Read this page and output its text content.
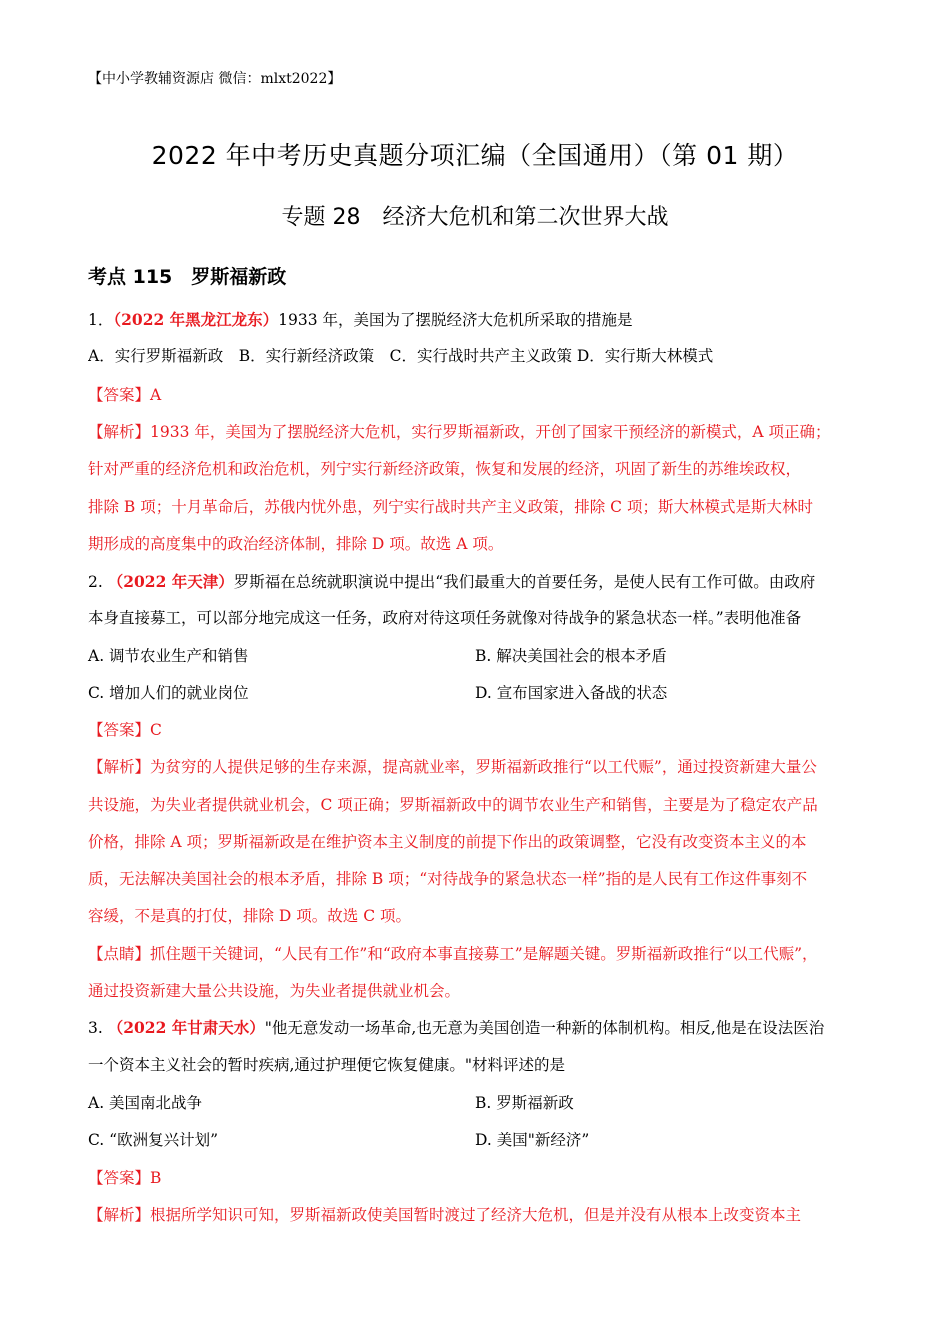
【中小学教辅资源店 微信：mlxt2022】
2022 年中考历史真题分项汇编（全国通用）（第 01 期）
专题 28　经济大危机和第二次世界大战
考点 115　罗斯福新政
1．（2022 年黑龙江龙东）1933 年，美国为了摆脱经济大危机所采取的措施是
A．实行罗斯福新政　B．实行新经济政策　C．实行战时共产主义政策 D．实行斯大林模式
【答案】A
【解析】1933 年，美国为了摆脱经济大危机，实行罗斯福新政，开创了国家干预经济的新模式，A 项正确；
针对严重的经济危机和政治危机，列宁实行新经济政策，恢复和发展的经济，巩固了新生的苏维埃政权，
排除 B 项；十月革命后，苏俄内忧外患，列宁实行战时共产主义政策，排除 C 项；斯大林模式是斯大林时
期形成的高度集中的政治经济体制，排除 D 项。故选 A 项。
2. （2022 年天津）罗斯福在总统就职演说中提出“我们最重大的首要任务，是使人民有工作可做。由政府
本身直接募工，可以部分地完成这一任务，政府对待这项任务就像对待战争的紧急状态一样。”表明他准备
A. 调节农业生产和销售	B. 解决美国社会的根本矛盾
C. 增加人们的就业岗位	D. 宣布国家进入备战的状态
【答案】C
【解析】为贫穷的人提供足够的生存来源，提高就业率，罗斯福新政推行“以工代赈”，通过投资新建大量公
共设施，为失业者提供就业机会，C 项正确；罗斯福新政中的调节农业生产和销售，主要是为了稳定农产品
价格，排除 A 项；罗斯福新政是在维护资本主义制度的前提下作出的政策调整，它没有改变资本主义的本
质，无法解决美国社会的根本矛盾，排除 B 项；“对待战争的紧急状态一样”指的是人民有工作这件事刻不
容缓，不是真的打仗，排除 D 项。故选 C 项。
【点睛】抓住题干关键词，“人民有工作”和“政府本事直接募工”是解题关键。罗斯福新政推行“以工代赈”，
通过投资新建大量公共设施，为失业者提供就业机会。
3. （2022 年甘肃天水）"他无意发动一场革命,也无意为美国创造一种新的体制机构。相反,他是在设法医治
一个资本主义社会的暂时疾病,通过护理便它恢复健康。"材料评述的是
A. 美国南北战争	B. 罗斯福新政
C. “欧洲复兴计划”	D. 美国"新经济”
【答案】B
【解析】根据所学知识可知，罗斯福新政使美国暂时渡过了经济大危机，但是并没有从根本上改变资本主
